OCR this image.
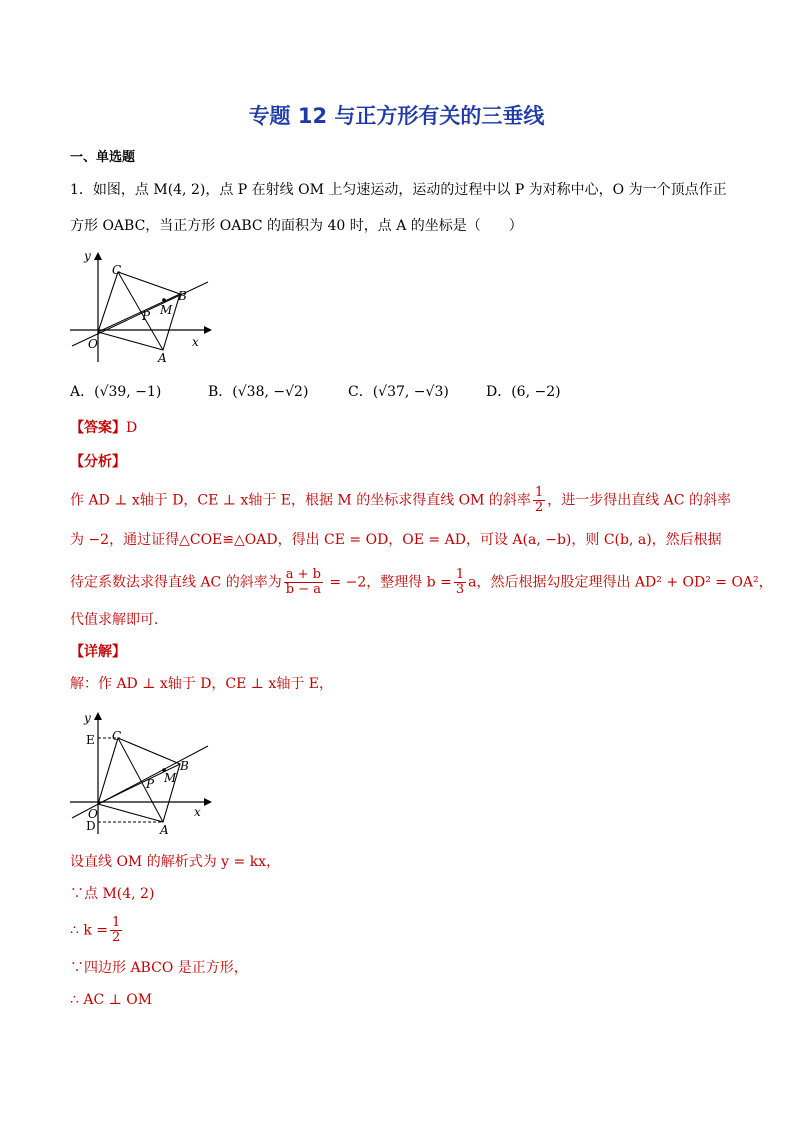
专题 12 与正方形有关的三垂线
一、单选题
1．如图，点 M(4, 2)，点 P 在射线 OM 上匀速运动，运动的过程中以 P 为对称中心，O 为一个顶点作正
方形 OABC，当正方形 OABC 的面积为 40 时，点 A 的坐标是（　　）
y
x
O
A
B
C
M
P
A．(√39, −1)	B．(√38, −√2)	C．(√37, −√3)	D．(6, −2)
【答案】D
【分析】
作 AD ⊥ x轴于 D，CE ⊥ x轴于 E，根据 M 的坐标求得直线 OM 的斜率 $\frac{1}{2}$ ，进一步得出直线 AC 的斜率
为 −2，通过证得△COE≌△OAD，得出 CE = OD，OE = AD，可设 A(a, −b)，则 C(b, a)，然后根据
待定系数法求得直线 AC 的斜率为 $\frac{a + b}{b - a} = -2$，整理得 $b = \frac{1}{3}$ a，然后根据勾股定理得出 AD² + OD² = OA²，
代值求解即可．
【详解】
解：作 AD ⊥ x轴于 D，CE ⊥ x轴于 E，
y
x
E
O
D	A
B
C
M
P
设直线 OM 的解析式为 y = kx，
∵点 M(4, 2)
∴ $k = \frac{1}{2}$
∵四边形 ABCO 是正方形，
∴ AC ⊥ OM
